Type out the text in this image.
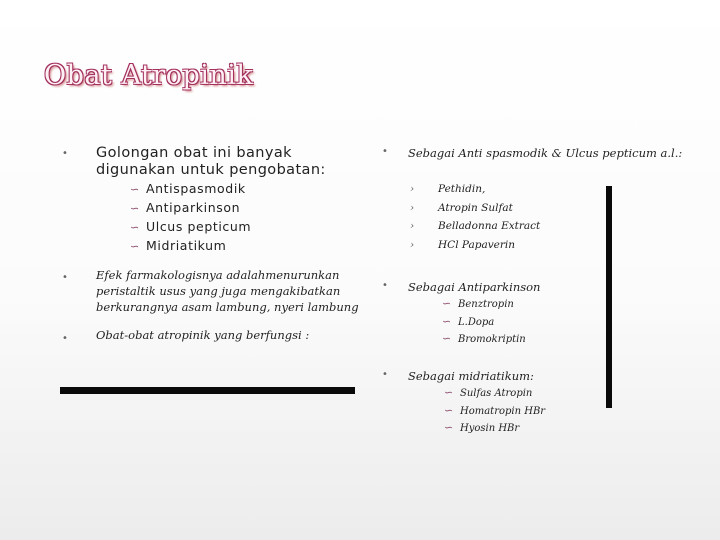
Obat Atropinik
• Golongan obat ini banyak digunakan untuk pengobatan:
∽ Antispasmodik
∽ Antiparkinson
∽ Ulcus pepticum
∽ Midriatikum
• Efek farmakologisnya adalahmenurunkan peristaltik usus yang juga mengakibatkan berkurangnya asam lambung, nyeri lambung
• Obat-obat atropinik yang berfungsi :
• Sebagai Anti spasmodik & Ulcus pepticum a.l.:
› Pethidin,
› Atropin Sulfat
› Belladonna Extract
› HCl Papaverin
• Sebagai Antiparkinson
∽ Benztropin
∽ L.Dopa
∽ Bromokriptin
• Sebagai midriatikum:
∽ Sulfas Atropin
∽ Homatropin HBr
∽ Hyosin HBr
